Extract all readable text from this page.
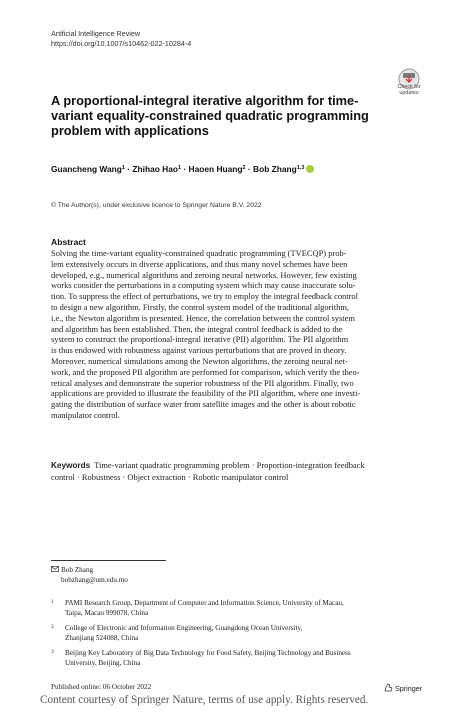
Artificial Intelligence Review
https://doi.org/10.1007/s10462-022-10284-4
Check for
updates
A proportional-integral iterative algorithm for time-variant equality-constrained quadratic programming problem with applications
Guancheng Wang$^1$ · Zhihao Hao$^1$ · Haoen Huang$^2$ · Bob Zhang$^{1,3}$
© The Author(s), under exclusive licence to Springer Nature B.V. 2022
Abstract
Solving the time-variant equality-constrained quadratic programming (TVECQP) prob-
lem extensively occurs in diverse applications, and thus many novel schemes have been
developed, e.g., numerical algorithms and zeroing neural networks. However, few existing
works consider the perturbations in a computing system which may cause inaccurate solu-
tion. To suppress the effect of perturbations, we try to employ the integral feedback control
to design a new algorithm. Firstly, the control system model of the traditional algorithm,
i.e., the Newton algorithm is presented. Hence, the correlation between the control system
and algorithm has been established. Then, the integral control feedback is added to the
system to construct the proportional-integral iterative (PII) algorithm. The PII algorithm
is thus endowed with robustness against various perturbations that are proved in theory.
Moreover, numerical simulations among the Newton algorithms, the zeroing neural net-
work, and the proposed PII algorithm are performed for comparison, which verify the theo-
retical analyses and demonstrate the superior robustness of the PII algorithm. Finally, two
applications are provided to illustrate the feasibility of the PII algorithm, where one investi-
gating the distribution of surface water from satellite images and the other is about robotic
manipulator control.
Keywords Time-variant quadratic programming problem · Proportion-integration feedback
control · Robustness · Object extraction · Robotic manipulator control
Bob Zhang
bobzhang@um.edu.mo
1 PAMI Research Group, Department of Computer and Information Science, University of Macau,
Taipa, Macau 999078, China
2 College of Electronic and Information Engineering, Guangdong Ocean University,
Zhanjiang 524088, China
3 Beijing Key Laboratory of Big Data Technology for Food Safety, Beijing Technology and Business
University, Beijing, China
Published online: 06 October 2022	Springer
Content courtesy of Springer Nature, terms of use apply. Rights reserved.
